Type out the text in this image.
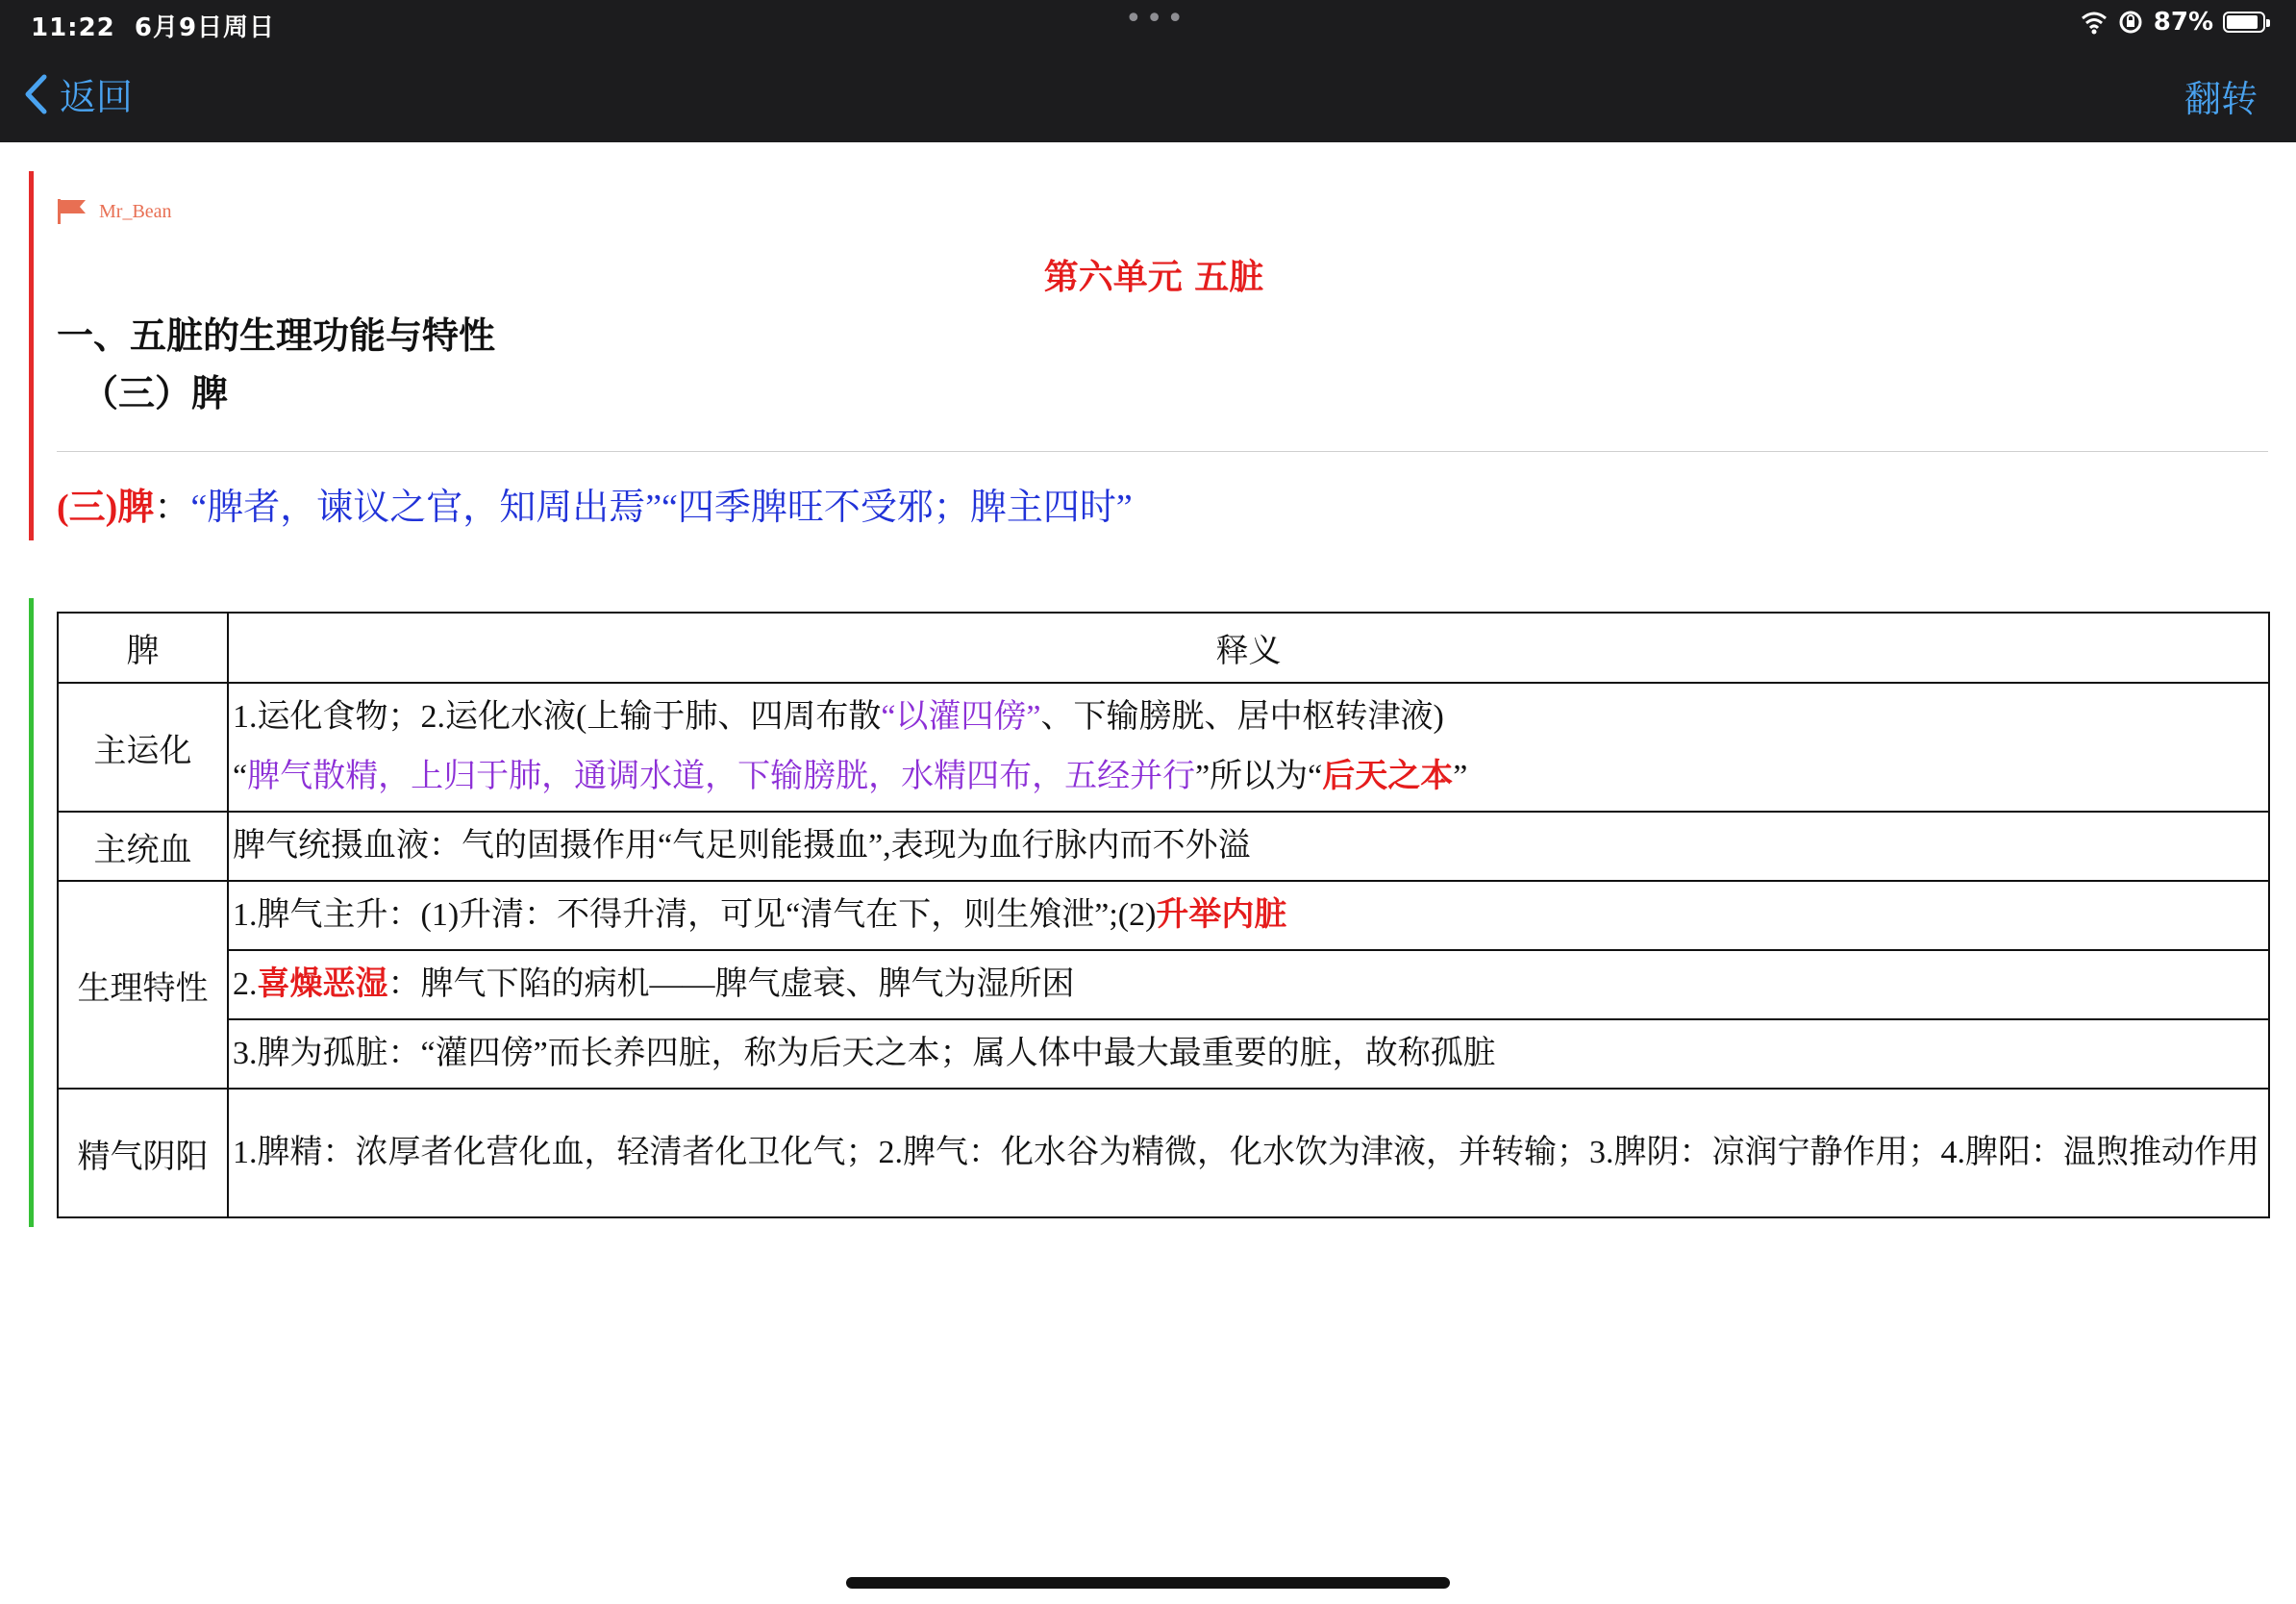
11:22 6月9日周日	•••	87%
返回	翻转
Mr_Bean
第六单元 五脏
一、五脏的生理功能与特性
（三）脾
(三)脾：“脾者，谏议之官，知周出焉”“四季脾旺不受邪；脾主四时”
脾	释义
主运化	1.运化食物；2.运化水液(上输于肺、四周布散“以灌四傍”、下输膀胱、居中枢转津液)
“脾气散精，上归于肺，通调水道，下输膀胱，水精四布，五经并行”所以为“后天之本”

主统血	脾气统摄血液：气的固摄作用“气足则能摄血”,表现为血行脉内而不外溢
生理特性	1.脾气主升：(1)升清：不得升清，可见“清气在下，则生飧泄”;(2)升举内脏
	2.喜燥恶湿：脾气下陷的病机——脾气虚衰、脾气为湿所困
	3.脾为孤脏：“灌四傍”而长养四脏，称为后天之本；属人体中最大最重要的脏，故称孤脏
精气阴阳	1.脾精：浓厚者化营化血，轻清者化卫化气；2.脾气：化水谷为精微，化水饮为津液，并转输；3.脾阴：凉润宁静作用；4.脾阳：温煦推动作用
